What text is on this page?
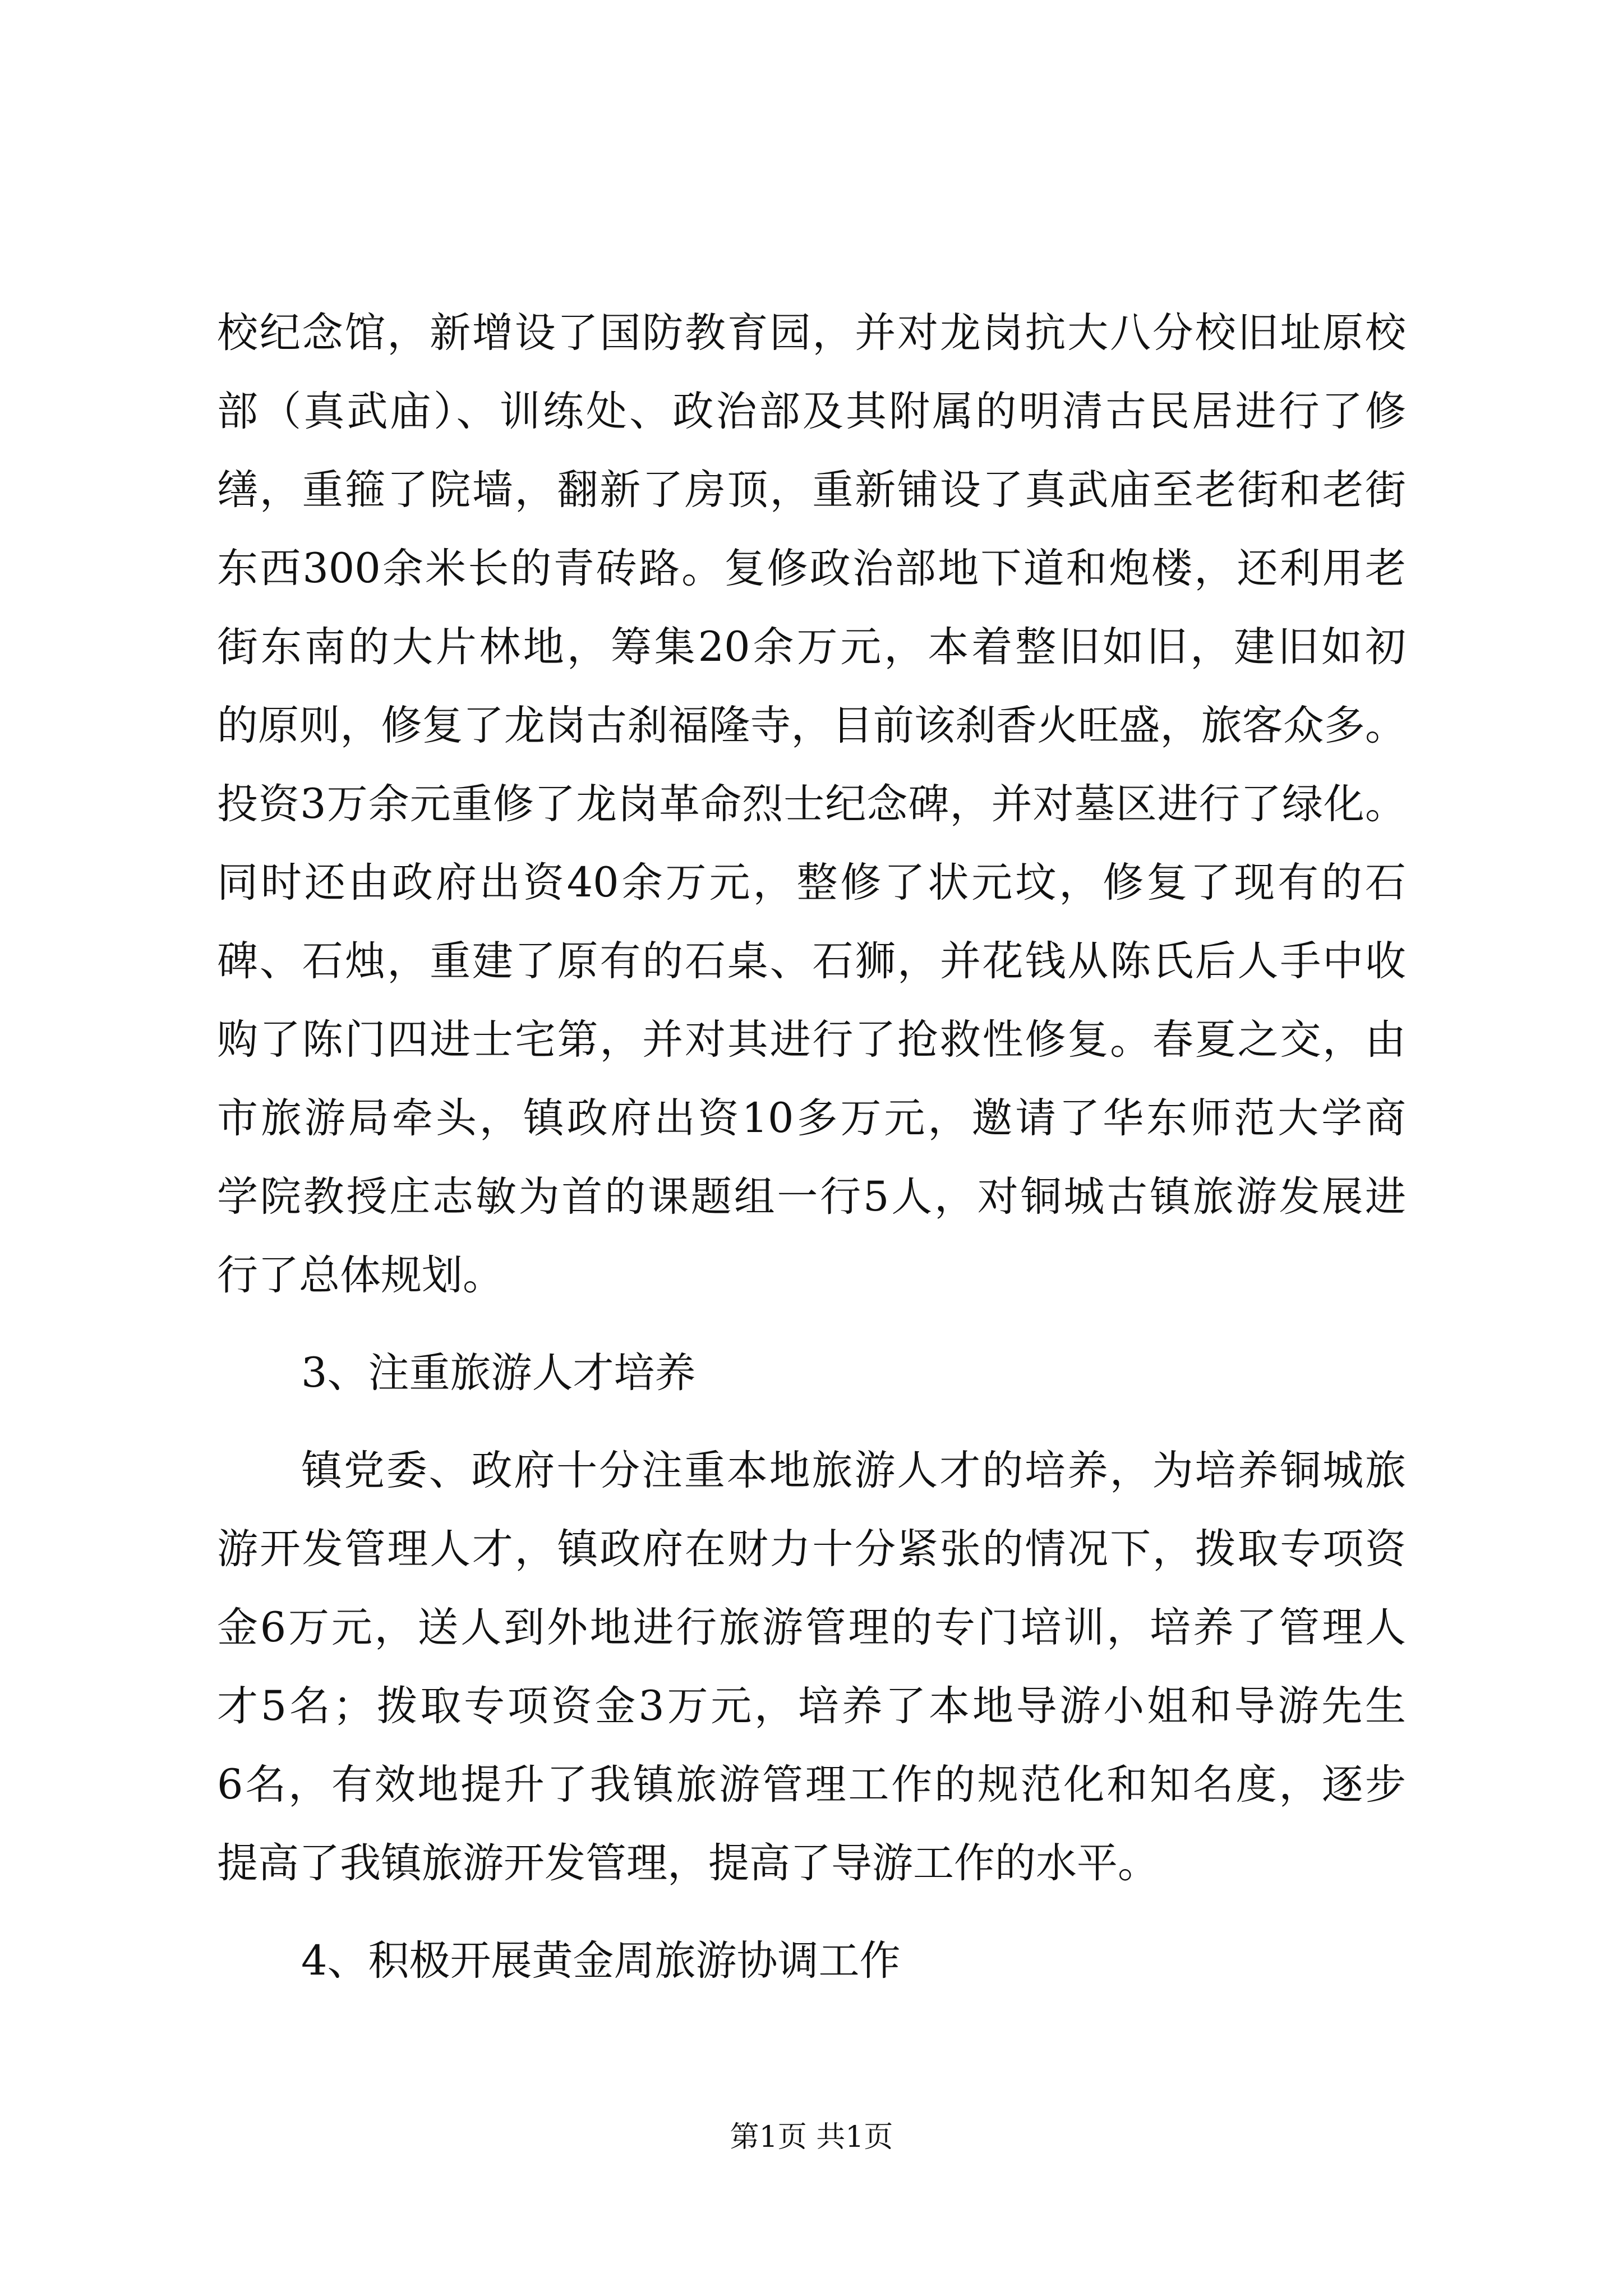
校纪念馆，新增设了国防教育园，并对龙岗抗大八分校旧址原校
部（真武庙）、训练处、政治部及其附属的明清古民居进行了修
缮，重箍了院墙，翻新了房顶，重新铺设了真武庙至老街和老街
东西300余米长的青砖路。复修政治部地下道和炮楼，还利用老
街东南的大片林地，筹集20余万元，本着整旧如旧，建旧如初
的原则，修复了龙岗古刹福隆寺，目前该刹香火旺盛，旅客众多。
投资3万余元重修了龙岗革命烈士纪念碑，并对墓区进行了绿化。
同时还由政府出资40余万元，整修了状元坟，修复了现有的石
碑、石烛，重建了原有的石桌、石狮，并花钱从陈氏后人手中收
购了陈门四进士宅第，并对其进行了抢救性修复。春夏之交，由
市旅游局牵头，镇政府出资10多万元，邀请了华东师范大学商
学院教授庄志敏为首的课题组一行5人，对铜城古镇旅游发展进
行了总体规划。
3、注重旅游人才培养
镇党委、政府十分注重本地旅游人才的培养，为培养铜城旅
游开发管理人才，镇政府在财力十分紧张的情况下，拨取专项资
金6万元，送人到外地进行旅游管理的专门培训，培养了管理人
才5名；拨取专项资金3万元，培养了本地导游小姐和导游先生
6名，有效地提升了我镇旅游管理工作的规范化和知名度，逐步
提高了我镇旅游开发管理，提高了导游工作的水平。
4、积极开展黄金周旅游协调工作
第1页 共1页
